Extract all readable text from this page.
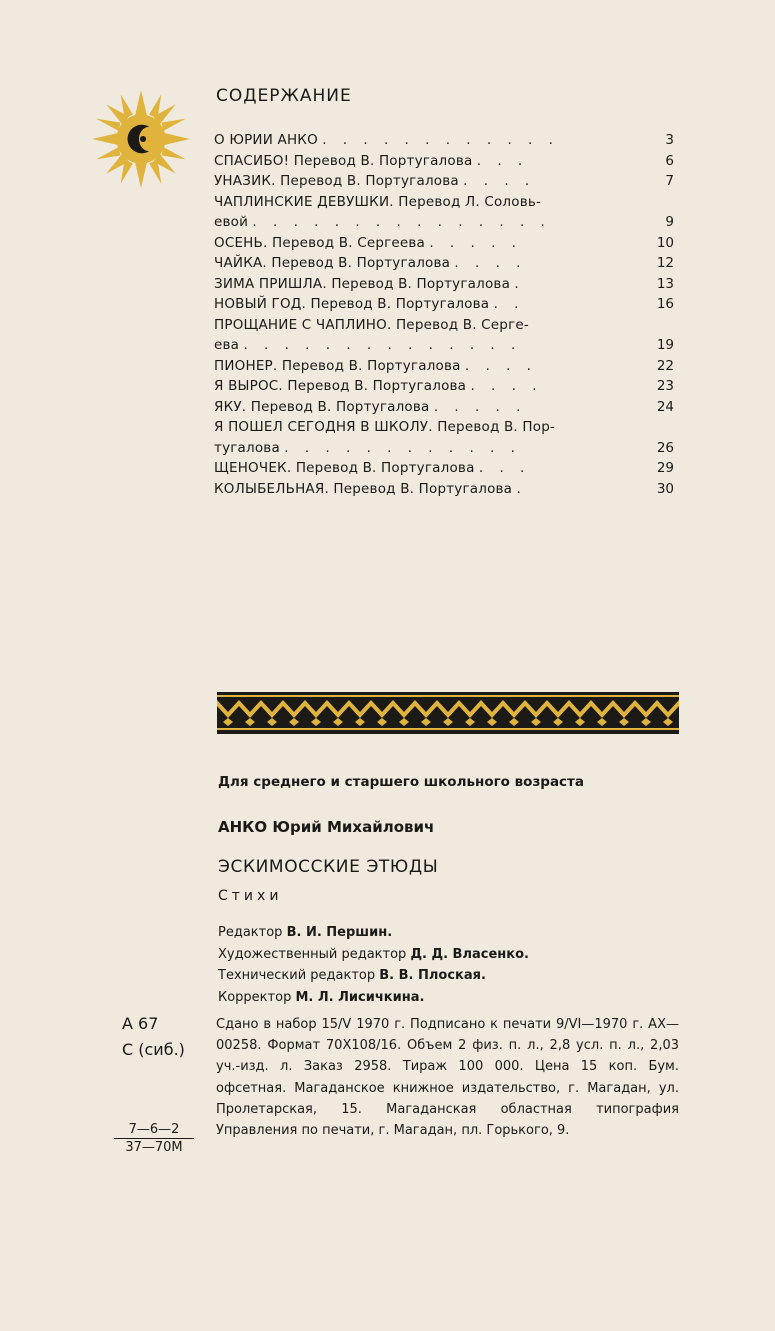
СОДЕРЖАНИЕ
О ЮРИИ АНКО . . . . . . . . . . . .	3
СПАСИБО! Перевод В. Португалова . . .	6
УНАЗИК. Перевод В. Португалова . . . .	7
ЧАПЛИНСКИЕ ДЕВУШКИ. Перевод Л. Соловь-
евой . . . . . . . . . . . . . . .	9
ОСЕНЬ. Перевод В. Сергеева . . . . .	10
ЧАЙКА. Перевод В. Португалова . . . .	12
ЗИМА ПРИШЛА. Перевод В. Португалова .	13
НОВЫЙ ГОД. Перевод В. Португалова . .	16
ПРОЩАНИЕ С ЧАПЛИНО. Перевод В. Серге-
ева . . . . . . . . . . . . . .	19
ПИОНЕР. Перевод В. Португалова . . . .	22
Я ВЫРОС. Перевод В. Португалова . . . .	23
ЯКУ. Перевод В. Португалова . . . . .	24
Я ПОШЕЛ СЕГОДНЯ В ШКОЛУ. Перевод В. Пор-
тугалова . . . . . . . . . . . .	26
ЩЕНОЧЕК. Перевод В. Португалова . . .	29
КОЛЫБЕЛЬНАЯ. Перевод В. Португалова .	30
Для среднего и старшего школьного возраста
АНКО Юрий Михайлович
ЭСКИМОССКИЕ ЭТЮДЫ
Стихи
Редактор В. И. Першин.
Художественный редактор Д. Д. Власенко.
Технический редактор В. В. Плоская.
Корректор М. Л. Лисичкина.
А 67
С (сиб.)
Сдано в набор 15/V 1970 г. Подписано к печати 9/VI—1970 г. АХ—00258. Формат 70Х108/16. Объем 2 физ. п. л., 2,8 усл. п. л., 2,03 уч.-изд. л. Заказ 2958. Тираж 100 000. Цена 15 коп. Бум. офсетная. Магаданское книжное издательство, г. Магадан, ул. Пролетарская, 15. Магаданская областная типография Управления по печати, г. Магадан, пл. Горького, 9.
7—6—2
37—70М
